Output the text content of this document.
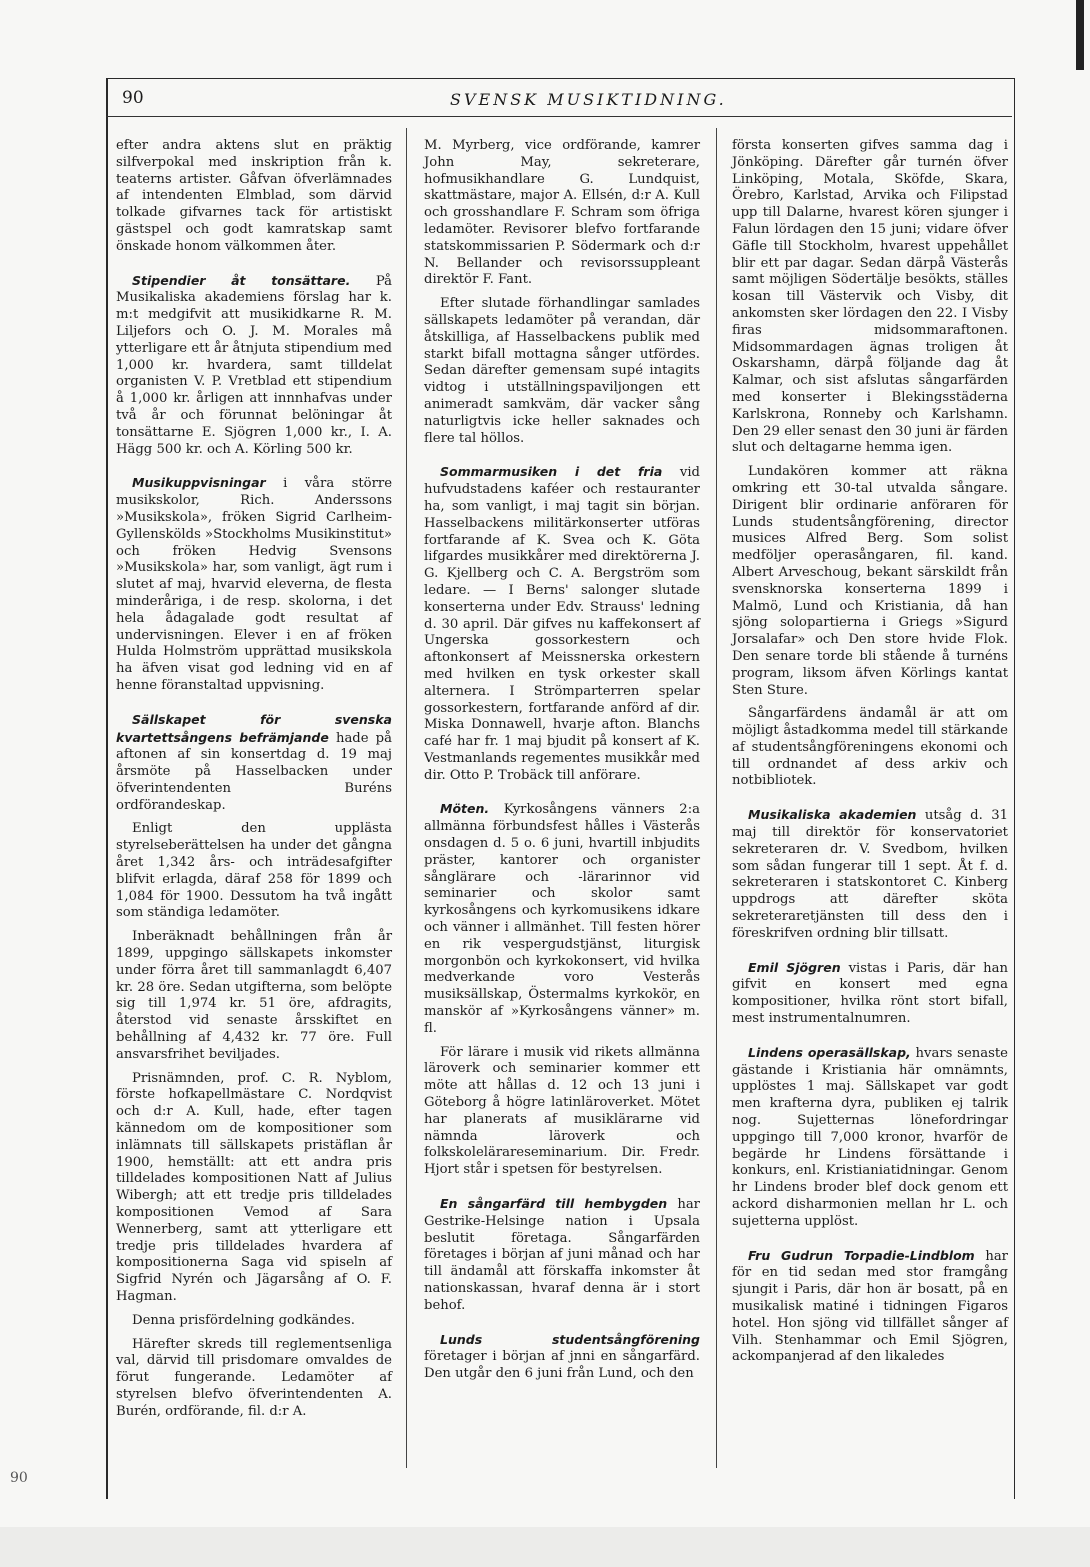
90	SVENSK MUSIKTIDNING.

efter andra aktens slut en präktig silfverpokal med inskription från k. teaterns artister. Gåfvan öfverlämnades af intendenten Elmblad, som därvid tolkade gifvarnes tack för artistiskt gästspel och godt kamratskap samt önskade honom välkommen åter.

Stipendier åt tonsättare. På Musikaliska akademiens förslag har k. m:t medgifvit att musikidkarne R. M. Liljefors och O. J. M. Morales må ytterligare ett år åtnjuta stipendium med 1,000 kr. hvardera, samt tilldelat organisten V. P. Vretblad ett stipendium å 1,000 kr. årligen att innnhafvas under två år och förunnat belöningar åt tonsättarne E. Sjögren 1,000 kr., I. A. Hägg 500 kr. och A. Körling 500 kr.

Musikuppvisningar i våra större musikskolor, Rich. Anderssons »Musikskola», fröken Sigrid Carlheim-Gyllenskölds »Stockholms Musikinstitut» och fröken Hedvig Svensons »Musikskola» har, som vanligt, ägt rum i slutet af maj, hvarvid eleverna, de flesta minderåriga, i de resp. skolorna, i det hela ådagalade godt resultat af undervisningen. Elever i en af fröken Hulda Holmström upprättad musikskola ha äfven visat god ledning vid en af henne föranstaltad uppvisning.

Sällskapet för svenska kvartettsångens befrämjande hade på aftonen af sin konsertdag d. 19 maj årsmöte på Hasselbacken under öfverintendenten Buréns ordförandeskap.

Enligt den upplästa styrelseberättelsen ha under det gångna året 1,342 års- och inträdesafgifter blifvit erlagda, däraf 258 för 1899 och 1,084 för 1900. Dessutom ha två ingått som ständiga ledamöter.

Inberäknadt behållningen från år 1899, uppgingo sällskapets inkomster under förra året till sammanlagdt 6,407 kr. 28 öre. Sedan utgifterna, som belöpte sig till 1,974 kr. 51 öre, afdragits, återstod vid senaste årsskiftet en behållning af 4,432 kr. 77 öre. Full ansvarsfrihet beviljades.

Prisnämnden, prof. C. R. Nyblom, förste hofkapellmästare C. Nordqvist och d:r A. Kull, hade, efter tagen kännedom om de kompositioner som inlämnats till sällskapets pristäflan år 1900, hemställt: att ett andra pris tilldelades kompositionen Natt af Julius Wibergh; att ett tredje pris tilldelades kompositionen Vemod af Sara Wennerberg, samt att ytterligare ett tredje pris tilldelades hvardera af kompositionerna Saga vid spiseln af Sigfrid Nyrén och Jägarsång af O. F. Hagman.

Denna prisfördelning godkändes.

Härefter skreds till reglementsenliga val, därvid till prisdomare omvaldes de förut fungerande. Ledamöter af styrelsen blefvo öfverintendenten A. Burén, ordförande, fil. d:r A.

M. Myrberg, vice ordförande, kamrer John May, sekreterare, hofmusikhandlare G. Lundquist, skattmästare, major A. Ellsén, d:r A. Kull och grosshandlare F. Schram som öfriga ledamöter. Revisorer blefvo fortfarande statskommissarien P. Södermark och d:r N. Bellander och revisorssuppleant direktör F. Fant.

Efter slutade förhandlingar samlades sällskapets ledamöter på verandan, där åtskilliga, af Hasselbackens publik med starkt bifall mottagna sånger utfördes. Sedan därefter gemensam supé intagits vidtog i utställningspaviljongen ett animeradt samkväm, där vacker sång naturligtvis icke heller saknades och flere tal höllos.

Sommarmusiken i det fria vid hufvudstadens kaféer och restauranter ha, som vanligt, i maj tagit sin början. Hasselbackens militärkonserter utföras fortfarande af K. Svea och K. Göta lifgardes musikkårer med direktörerna J. G. Kjellberg och C. A. Bergström som ledare. — I Berns' salonger slutade konserterna under Edv. Strauss' ledning d. 30 april. Där gifves nu kaffekonsert af Ungerska gossorkestern och aftonkonsert af Meissnerska orkestern med hvilken en tysk orkester skall alternera. I Strömparterren spelar gossorkestern, fortfarande anförd af dir. Miska Donnawell, hvarje afton. Blanchs café har fr. 1 maj bjudit på konsert af K. Vestmanlands regementes musikkår med dir. Otto P. Trobäck till anförare.

Möten. Kyrkosångens vänners 2:a allmänna förbundsfest hålles i Västerås onsdagen d. 5 o. 6 juni, hvartill inbjudits präster, kantorer och organister sånglärare och -lärarinnor vid seminarier och skolor samt kyrkosångens och kyrkomusikens idkare och vänner i allmänhet. Till festen hörer en rik vespergudstjänst, liturgisk morgonbön och kyrkokonsert, vid hvilka medverkande voro Vesterås musiksällskap, Östermalms kyrkokör, en manskör af »Kyrkosångens vänner» m. fl.

För lärare i musik vid rikets allmänna läroverk och seminarier kommer ett möte att hållas d. 12 och 13 juni i Göteborg å högre latinläroverket. Mötet har planerats af musiklärarne vid nämnda läroverk och folkskolelärareseminarium. Dir. Fredr. Hjort står i spetsen för bestyrelsen.

En sångarfärd till hembygden har Gestrike-Helsinge nation i Upsala beslutit företaga. Sångarfärden företages i början af juni månad och har till ändamål att förskaffa inkomster åt nationskassan, hvaraf denna är i stort behof.

Lunds studentsångförening företager i början af jnni en sångarfärd. Den utgår den 6 juni från Lund, och den

första konserten gifves samma dag i Jönköping. Därefter går turnén öfver Linköping, Motala, Sköfde, Skara, Örebro, Karlstad, Arvika och Filipstad upp till Dalarne, hvarest kören sjunger i Falun lördagen den 15 juni; vidare öfver Gäfle till Stockholm, hvarest uppehållet blir ett par dagar. Sedan därpå Västerås samt möjligen Södertälje besökts, ställes kosan till Västervik och Visby, dit ankomsten sker lördagen den 22. I Visby firas midsommaraftonen. Midsommardagen ägnas troligen åt Oskarshamn, därpå följande dag åt Kalmar, och sist afslutas sångarfärden med konserter i Blekingsstäderna Karlskrona, Ronneby och Karlshamn. Den 29 eller senast den 30 juni är färden slut och deltagarne hemma igen.

Lundakören kommer att räkna omkring ett 30-tal utvalda sångare. Dirigent blir ordinarie anföraren för Lunds studentsångförening, director musices Alfred Berg. Som solist medföljer operasångaren, fil. kand. Albert Arveschoug, bekant särskildt från svensknorska konserterna 1899 i Malmö, Lund och Kristiania, då han sjöng solopartierna i Griegs »Sigurd Jorsalafar» och Den store hvide Flok. Den senare torde bli stående å turnéns program, liksom äfven Körlings kantat Sten Sture.

Sångarfärdens ändamål är att om möjligt åstadkomma medel till stärkande af studentsångföreningens ekonomi och till ordnandet af dess arkiv och notbibliotek.

Musikaliska akademien utsåg d. 31 maj till direktör för konservatoriet sekreteraren dr. V. Svedbom, hvilken som sådan fungerar till 1 sept. Åt f. d. sekreteraren i statskontoret C. Kinberg uppdrogs att därefter sköta sekreteraretjänsten till dess den i föreskrifven ordning blir tillsatt.

Emil Sjögren vistas i Paris, där han gifvit en konsert med egna kompositioner, hvilka rönt stort bifall, mest instrumentalnumren.

Lindens operasällskap, hvars senaste gästande i Kristiania här omnämnts, upplöstes 1 maj. Sällskapet var godt men krafterna dyra, publiken ej talrik nog. Sujetternas lönefordringar uppgingo till 7,000 kronor, hvarför de begärde hr Lindens försättande i konkurs, enl. Kristianiatidningar. Genom hr Lindens broder blef dock genom ett ackord disharmonien mellan hr L. och sujetterna upplöst.

Fru Gudrun Torpadie-Lindblom har för en tid sedan med stor framgång sjungit i Paris, där hon är bosatt, på en musikalisk matiné i tidningen Figaros hotel. Hon sjöng vid tillfället sånger af Vilh. Stenhammar och Emil Sjögren, ackompanjerad af den likaledes

90
